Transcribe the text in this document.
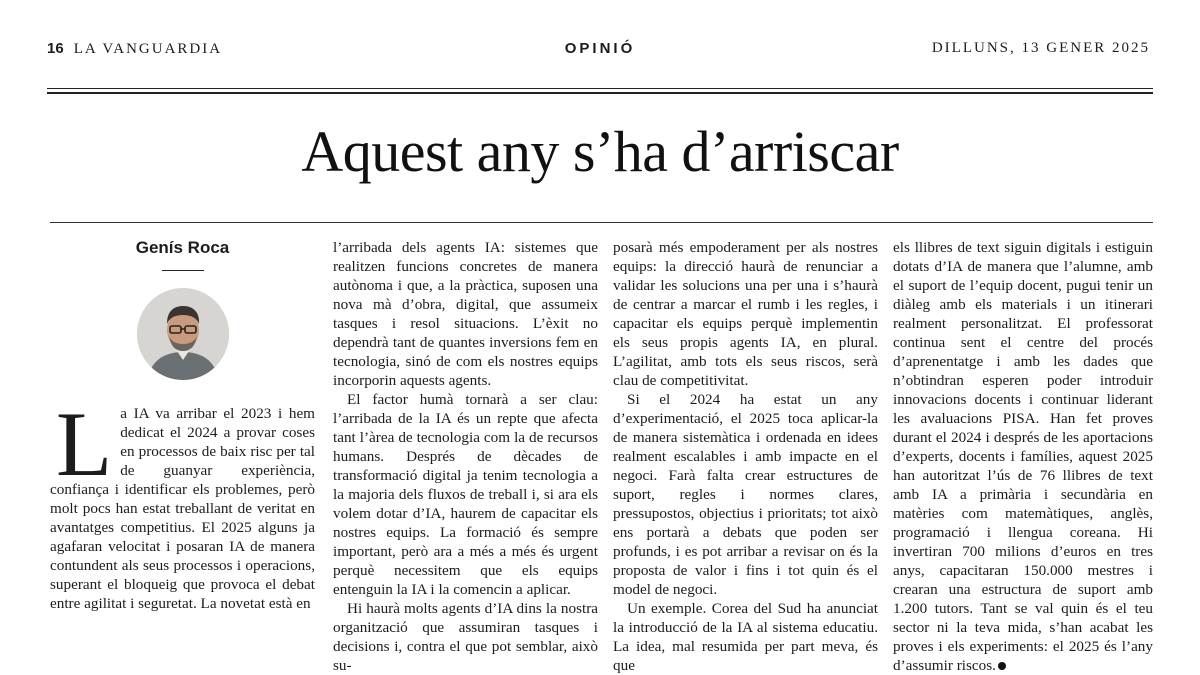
16 LA VANGUARDIA	OPINIÓ	DILLUNS, 13 GENER 2025
Aquest any s’ha d’arriscar
Genís Roca
L a IA va arribar el 2023 i hem dedicat el 2024 a provar coses en processos de baix risc per tal de guanyar experiència, confiança i identificar els problemes, però molt pocs han estat treballant de veritat en avantatges competitius. El 2025 alguns ja agafaran velocitat i posaran IA de manera contundent als seus processos i operacions, superant el bloqueig que provoca el debat entre agilitat i seguretat. La novetat està en

l’arribada dels agents IA: sistemes que realitzen funcions concretes de manera autònoma i que, a la pràctica, suposen una nova mà d’obra, digital, que assumeix tasques i resol situacions. L’èxit no dependrà tant de quantes inversions fem en tecnologia, sinó de com els nostres equips incorporin aquests agents.

El factor humà tornarà a ser clau: l’arribada de la IA és un repte que afecta tant l’àrea de tecnologia com la de recursos humans. Després de dècades de transformació digital ja tenim tecnologia a la majoria dels fluxos de treball i, si ara els volem dotar d’IA, haurem de capacitar els nostres equips. La formació és sempre important, però ara a més a més és urgent perquè necessitem que els equips entenguin la IA i la comencin a aplicar.

Hi haurà molts agents d’IA dins la nostra organització que assumiran tasques i decisions i, contra el que pot semblar, això su-

posarà més empoderament per als nostres equips: la direcció haurà de renunciar a validar les solucions una per una i s’haurà de centrar a marcar el rumb i les regles, i capacitar els equips perquè implementin els seus propis agents IA, en plural. L’agilitat, amb tots els seus riscos, serà clau de competitivitat.

Si el 2024 ha estat un any d’experimentació, el 2025 toca aplicar-la de manera sistemàtica i ordenada en idees realment escalables i amb impacte en el negoci. Farà falta crear estructures de suport, regles i normes clares, pressupostos, objectius i prioritats; tot això ens portarà a debats que poden ser profunds, i es pot arribar a revisar on és la proposta de valor i fins i tot quin és el model de negoci.

Un exemple. Corea del Sud ha anunciat la introducció de la IA al sistema educatiu. La idea, mal resumida per part meva, és que

els llibres de text siguin digitals i estiguin dotats d’IA de manera que l’alumne, amb el suport de l’equip docent, pugui tenir un diàleg amb els materials i un itinerari realment personalitzat. El professorat continua sent el centre del procés d’aprenentatge i amb les dades que n’obtindran esperen poder introduir innovacions docents i continuar liderant les avaluacions PISA. Han fet proves durant el 2024 i després de les aportacions d’experts, docents i famílies, aquest 2025 han autoritzat l’ús de 76 llibres de text amb IA a primària i secundària en matèries com matemàtiques, anglès, programació i llengua coreana. Hi invertiran 700 milions d’euros en tres anys, capacitaran 150.000 mestres i crearan una estructura de suport amb 1.200 tutors. Tant se val quin és el teu sector ni la teva mida, s’han acabat les proves i els experiments: el 2025 és l’any d’assumir riscos.
